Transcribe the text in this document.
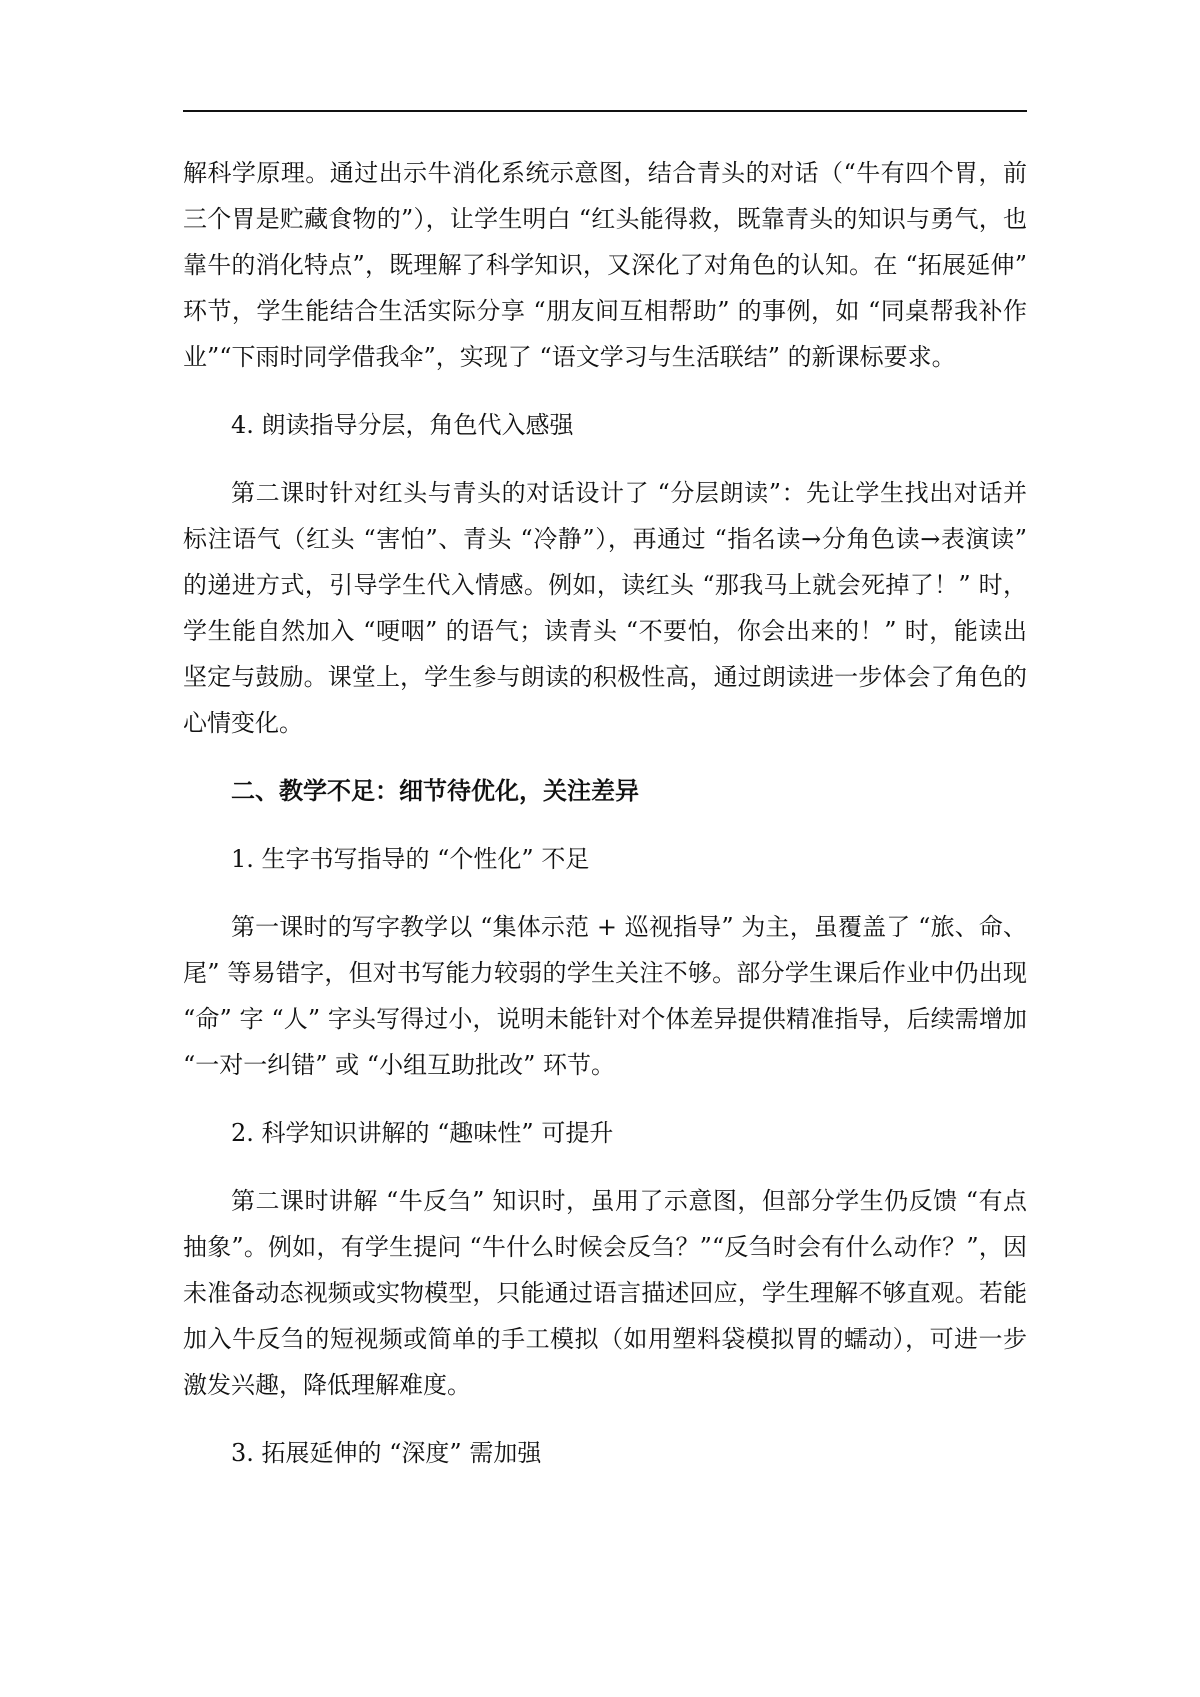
解科学原理。通过出示牛消化系统示意图，结合青头的对话（“牛有四个胃，前三个胃是贮藏食物的”），让学生明白 “红头能得救，既靠青头的知识与勇气，也靠牛的消化特点”，既理解了科学知识，又深化了对角色的认知。在 “拓展延伸” 环节，学生能结合生活实际分享 “朋友间互相帮助” 的事例，如 “同桌帮我补作业”“下雨时同学借我伞”，实现了 “语文学习与生活联结” 的新课标要求。

4. 朗读指导分层，角色代入感强

第二课时针对红头与青头的对话设计了 “分层朗读”：先让学生找出对话并标注语气（红头 “害怕”、青头 “冷静”），再通过 “指名读→分角色读→表演读” 的递进方式，引导学生代入情感。例如，读红头 “那我马上就会死掉了！” 时，学生能自然加入 “哽咽” 的语气；读青头 “不要怕，你会出来的！” 时，能读出坚定与鼓励。课堂上，学生参与朗读的积极性高，通过朗读进一步体会了角色的心情变化。

二、教学不足：细节待优化，关注差异

1. 生字书写指导的 “个性化” 不足

第一课时的写字教学以 “集体示范 + 巡视指导” 为主，虽覆盖了 “旅、命、尾” 等易错字，但对书写能力较弱的学生关注不够。部分学生课后作业中仍出现 “命” 字 “人” 字头写得过小，说明未能针对个体差异提供精准指导，后续需增加 “一对一纠错” 或 “小组互助批改” 环节。

2. 科学知识讲解的 “趣味性” 可提升

第二课时讲解 “牛反刍” 知识时，虽用了示意图，但部分学生仍反馈 “有点抽象”。例如，有学生提问 “牛什么时候会反刍？”“反刍时会有什么动作？”，因未准备动态视频或实物模型，只能通过语言描述回应，学生理解不够直观。若能加入牛反刍的短视频或简单的手工模拟（如用塑料袋模拟胃的蠕动），可进一步激发兴趣，降低理解难度。

3. 拓展延伸的 “深度” 需加强
